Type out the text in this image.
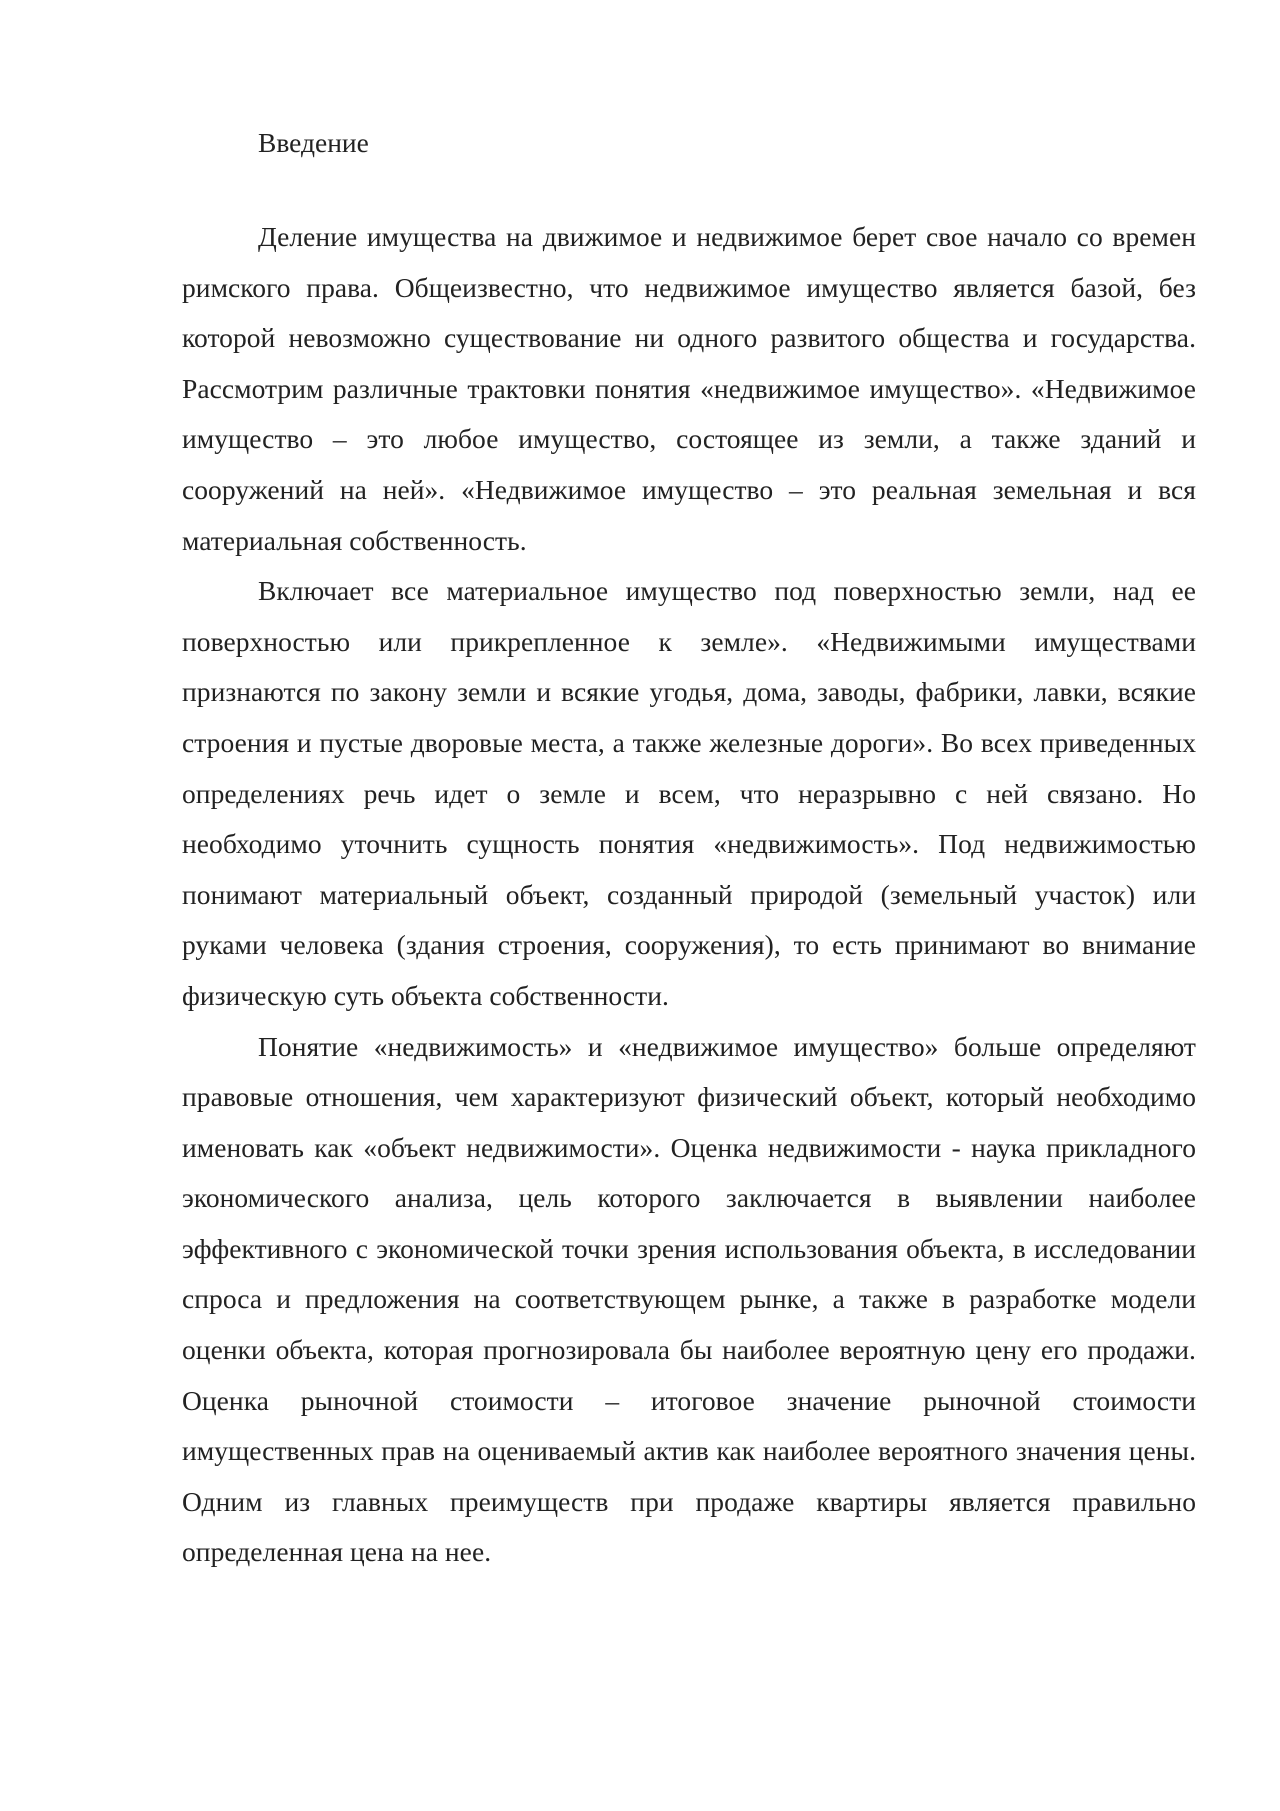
Введение

Деление имущества на движимое и недвижимое берет свое начало со времен римского права. Общеизвестно, что недвижимое имущество является базой, без которой невозможно существование ни одного развитого общества и государства. Рассмотрим различные трактовки понятия «недвижимое имущество». «Недвижимое имущество – это любое имущество, состоящее из земли, а также зданий и сооружений на ней». «Недвижимое имущество – это реальная земельная и вся материальная собственность.

Включает все материальное имущество под поверхностью земли, над ее поверхностью или прикрепленное к земле». «Недвижимыми имуществами признаются по закону земли и всякие угодья, дома, заводы, фабрики, лавки, всякие строения и пустые дворовые места, а также железные дороги». Во всех приведенных определениях речь идет о земле и всем, что неразрывно с ней связано. Но необходимо уточнить сущность понятия «недвижимость». Под недвижимостью понимают материальный объект, созданный природой (земельный участок) или руками человека (здания строения, сооружения), то есть принимают во внимание физическую суть объекта собственности.

Понятие «недвижимость» и «недвижимое имущество» больше определяют правовые отношения, чем характеризуют физический объект, который необходимо именовать как «объект недвижимости». Оценка недвижимости - наука прикладного экономического анализа, цель которого заключается в выявлении наиболее эффективного с экономической точки зрения использования объекта, в исследовании спроса и предложения на соответствующем рынке, а также в разработке модели оценки объекта, которая прогнозировала бы наиболее вероятную цену его продажи. Оценка рыночной стоимости – итоговое значение рыночной стоимости имущественных прав на оцениваемый актив как наиболее вероятного значения цены. Одним из главных преимуществ при продаже квартиры является правильно определенная цена на нее.
